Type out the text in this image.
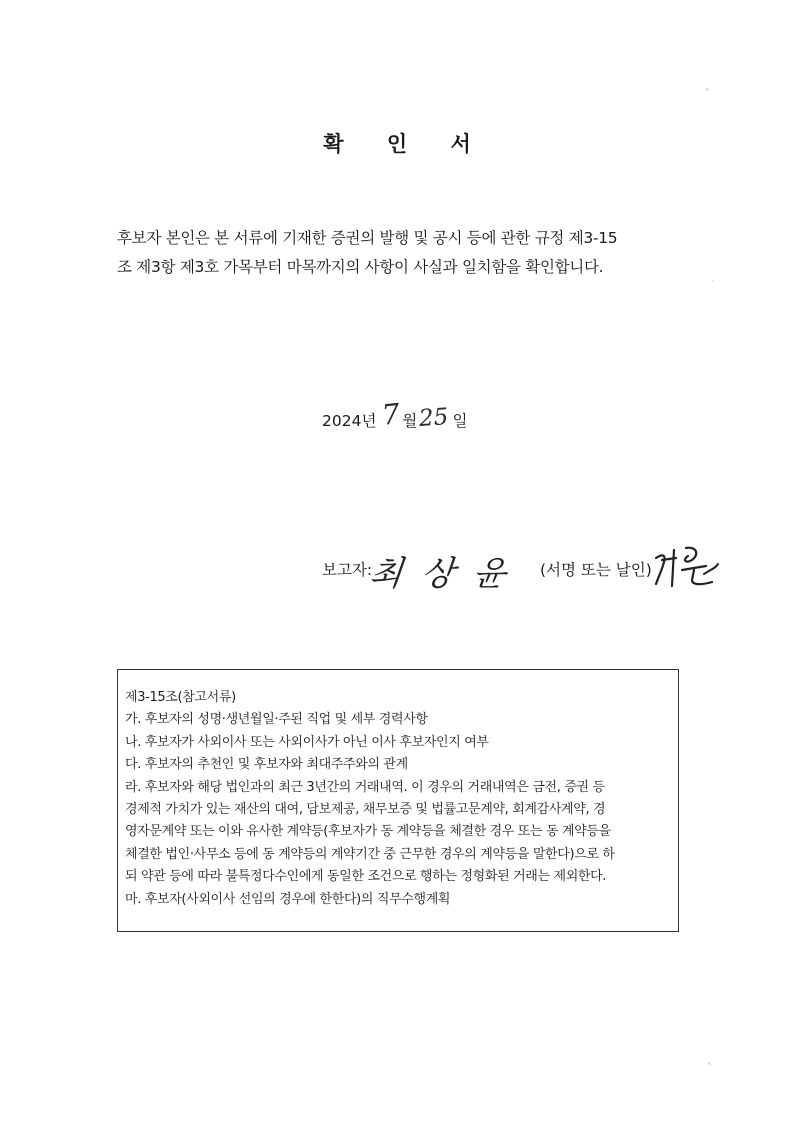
확 인 서

후보자 본인은 본 서류에 기재한 증권의 발행 및 공시 등에 관한 규정 제3-15

조 제3항 제3호 가목부터 마목까지의 사항이 사실과 일치함을 확인합니다.

2024년 7월25 일
보고자:
최 상 윤 (서명 또는 날인)

제3-15조(참고서류)

가. 후보자의 성명·생년월일·주된 직업 및 세부 경력사항

나. 후보자가 사외이사 또는 사외이사가 아닌 이사 후보자인지 여부

다. 후보자의 추천인 및 후보자와 최대주주와의 관계

라. 후보자와 해당 법인과의 최근 3년간의 거래내역. 이 경우의 거래내역은 금전, 증권 등

경제적 가치가 있는 재산의 대여, 담보제공, 채무보증 및 법률고문계약, 회계감사계약, 경

영자문계약 또는 이와 유사한 계약등(후보자가 동 계약등을 체결한 경우 또는 동 계약등을

체결한 법인·사무소 등에 동 계약등의 계약기간 중 근무한 경우의 계약등을 말한다)으로 하

되 약관 등에 따라 불특정다수인에게 동일한 조건으로 행하는 정형화된 거래는 제외한다.

마. 후보자(사외이사 선임의 경우에 한한다)의 직무수행계획
